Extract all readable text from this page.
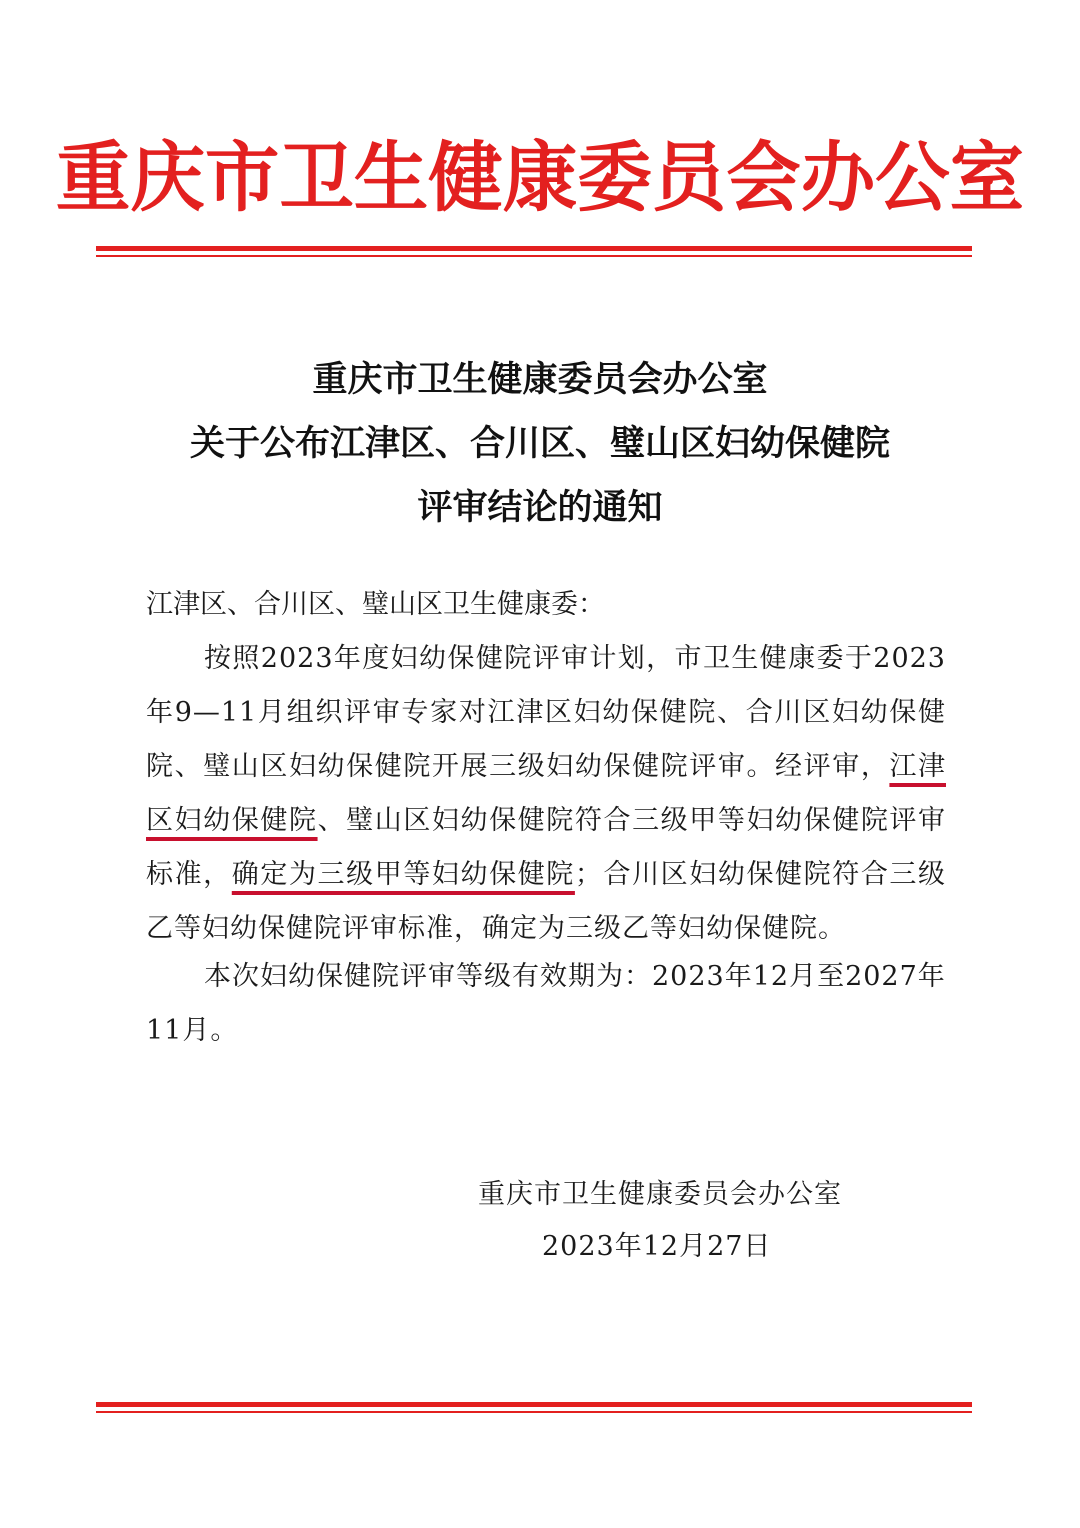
重庆市卫生健康委员会办公室
重庆市卫生健康委员会办公室
关于公布江津区、合川区、璧山区妇幼保健院
评审结论的通知
江津区、合川区、璧山区卫生健康委：
按照2023年度妇幼保健院评审计划，市卫生健康委于2023年9—11月组织评审专家对江津区妇幼保健院、合川区妇幼保健院、璧山区妇幼保健院开展三级妇幼保健院评审。经评审，江津区妇幼保健院、璧山区妇幼保健院符合三级甲等妇幼保健院评审标准，确定为三级甲等妇幼保健院；合川区妇幼保健院符合三级乙等妇幼保健院评审标准，确定为三级乙等妇幼保健院。
本次妇幼保健院评审等级有效期为：2023年12月至2027年11月。
重庆市卫生健康委员会办公室
2023年12月27日
